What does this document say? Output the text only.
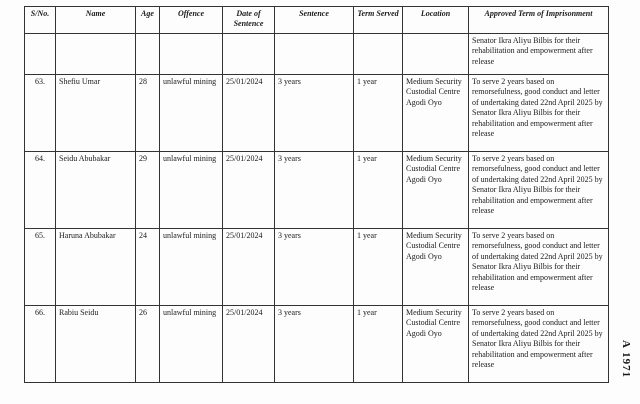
S/No.	Name	Age	Offence	Date of Sentence	Sentence	Term Served	Location	Approved Term of Imprisonment
								Senator Ikra Aliyu Bilbis for their rehabilitation and empowerment after release
63.	Shefiu Umar	28	unlawful mining	25/01/2024	3 years	1 year	Medium Security Custodial Centre Agodi Oyo	To serve 2 years based on remorsefulness, good conduct and letter of undertaking dated 22nd April 2025 by Senator Ikra Aliyu Bilbis for their rehabilitation and empowerment after release
64.	Seidu Abubakar	29	unlawful mining	25/01/2024	3 years	1 year	Medium Security Custodial Centre Agodi Oyo	To serve 2 years based on remorsefulness, good conduct and letter of undertaking dated 22nd April 2025 by Senator Ikra Aliyu Bilbis for their rehabilitation and empowerment after release
65.	Haruna Abubakar	24	unlawful mining	25/01/2024	3 years	1 year	Medium Security Custodial Centre Agodi Oyo	To serve 2 years based on remorsefulness, good conduct and letter of undertaking dated 22nd April 2025 by Senator Ikra Aliyu Bilbis for their rehabilitation and empowerment after release
66.	Rabiu Seidu	26	unlawful mining	25/01/2024	3 years	1 year	Medium Security Custodial Centre Agodi Oyo	To serve 2 years based on remorsefulness, good conduct and letter of undertaking dated 22nd April 2025 by Senator Ikra Aliyu Bilbis for their rehabilitation and empowerment after release	A 1971
